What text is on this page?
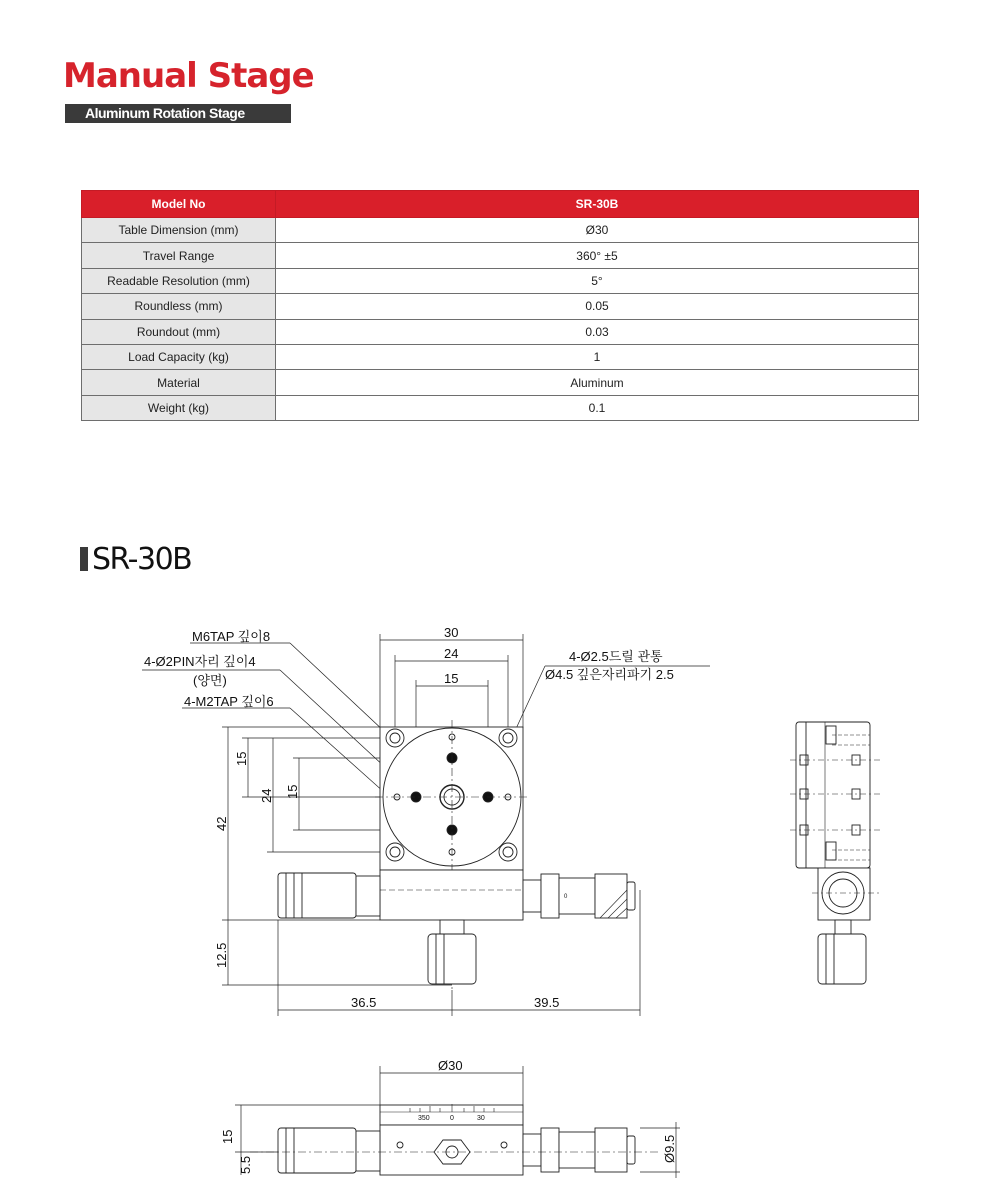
Manual Stage
Aluminum Rotation Stage
Model No	SR-30B
Table Dimension (mm)	Ø30
Travel Range	360° ±5
Readable Resolution (mm)	5°
Roundless (mm)	0.05
Roundout (mm)	0.03
Load Capacity (kg)	1
Material	Aluminum
Weight (kg)	0.1
SR-30B
M6TAP 깊이8
4-Ø2PIN자리 깊이4
(양면)
4-M2TAP 깊이6
4-Ø2.5드릴 관통
Ø4.5 깊은자리파기 2.5
30
24
15
15
24 15
42
12.5
0
36.5	39.5
Ø30
350	0	30
15
5.5
Ø9.5
